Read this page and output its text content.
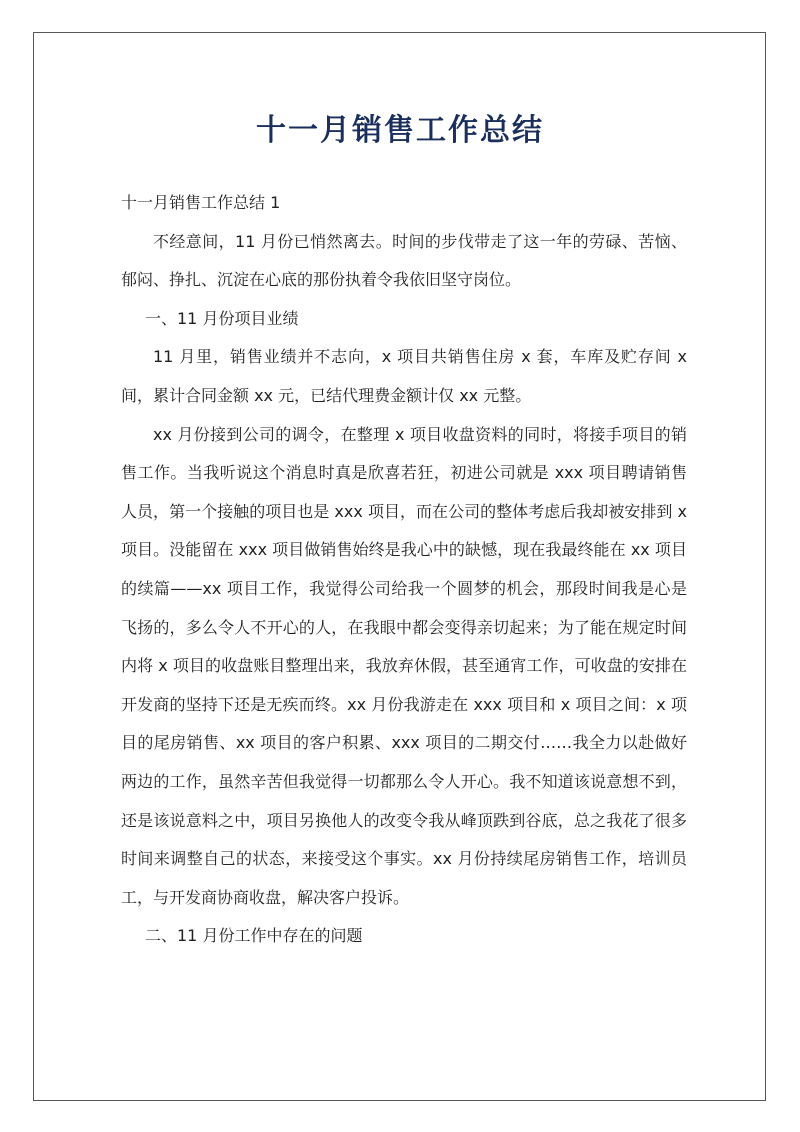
十一月销售工作总结

十一月销售工作总结 1

不经意间，11 月份已悄然离去。时间的步伐带走了这一年的劳碌、苦恼、郁闷、挣扎、沉淀在心底的那份执着令我依旧坚守岗位。

一、11 月份项目业绩

11 月里，销售业绩并不志向，x 项目共销售住房 x 套，车库及贮存间 x 间，累计合同金额 xx 元，已结代理费金额计仅 xx 元整。

xx 月份接到公司的调令，在整理 x 项目收盘资料的同时，将接手项目的销售工作。当我听说这个消息时真是欣喜若狂，初进公司就是 xxx 项目聘请销售人员，第一个接触的项目也是 xxx 项目，而在公司的整体考虑后我却被安排到 x 项目。没能留在 xxx 项目做销售始终是我心中的缺憾，现在我最终能在 xx 项目的续篇——xx 项目工作，我觉得公司给我一个圆梦的机会，那段时间我是心是飞扬的，多么令人不开心的人，在我眼中都会变得亲切起来；为了能在规定时间内将 x 项目的收盘账目整理出来，我放弃休假，甚至通宵工作，可收盘的安排在开发商的坚持下还是无疾而终。xx 月份我游走在 xxx 项目和 x 项目之间：x 项目的尾房销售、xx 项目的客户积累、xxx 项目的二期交付……我全力以赴做好两边的工作，虽然辛苦但我觉得一切都那么令人开心。我不知道该说意想不到，还是该说意料之中，项目另换他人的改变令我从峰顶跌到谷底，总之我花了很多时间来调整自己的状态，来接受这个事实。xx 月份持续尾房销售工作，培训员工，与开发商协商收盘，解决客户投诉。

二、11 月份工作中存在的问题
